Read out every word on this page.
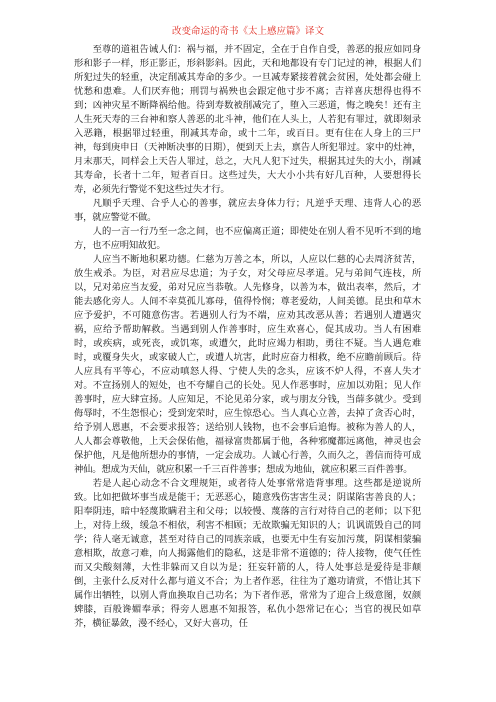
改变命运的奇书《太上感应篇》译文

至尊的道祖告诫人们：祸与福，并不固定，全在于自作自受，善恶的报应如同身形和影子一样，形正影正，形斜影斜。因此，天和地都设有专门记过的神，根据人们所犯过失的轻重，决定削减其寿命的多少。一旦减寿紧接着就会贫困，处处都会碰上忧愁和患难。人们厌弃他；刑罚与祸殃也会跟定他寸步不离；吉祥喜庆想得也得不到；凶神灾星不断降祸给他。待到寿数被削减完了，堕入三恶道，悔之晚矣！还有主人生死天寿的三台神和察人善恶的北斗神，他们在人头上，人若犯有罪过，就即刻录入恶籍，根据罪过轻重，削减其寿命，或十二年，或百日。更有住在人身上的三尸神，每到庚申日（天神断决事的日期），便到天上去，禀告人所犯罪过。家中的灶神，月末那天，同样会上天告人罪过，总之，大凡人犯下过失，根据其过失的大小，削减其寿命，长者十二年，短者百日。这些过失，大大小小共有好几百种，人要想得长寿，必须先行警觉不犯这些过失才行。

凡顺乎天理、合乎人心的善事，就应去身体力行；凡逆乎天理、违背人心的恶事，就应警觉不做。

人的一言一行乃至一念之间，也不应偏离正道；即使处在别人看不见听不到的地方，也不应明知故犯。

人应当不断地积累功德。仁慈为万善之本，所以，人应以仁慈的心去周济贫苦，放生戒杀。为臣，对君应尽忠道；为子女，对父母应尽孝道。兄与弟间气连枝，所以，兄对弟应当友爱，弟对兄应当恭敬。人先修身，以善为本，做出表率，然后，才能去感化旁人。人间不幸莫孤儿寡母，值得怜悯；尊老爱幼，人间美德。昆虫和草木应予爱护，不可随意伤害。若遇别人行为不端，应劝其改恶从善；若遇别人遭遇灾祸，应给予帮助解救。当遇到别人作善事时，应生欢喜心，促其成功。当人有困难时，或疾病，或死丧，或饥寒，或遭欠，此时应竭力相助，勇往不疑。当人遇危难时，或覆身失火，或家破人亡，或遭人坑害，此时应奋力相救，绝不应瞻前顾后。待人应具有平等心，不应动嗔怒人得、宁使人失的念头，应该不炉人得，不喜人失才对。不宣扬别人的短处，也不夸耀自己的长处。见人作恶事时，应加以劝阻；见人作善事时，应大肆宣扬。人应知足，不论见弟分家，或与朋友分钱，当薛多就少。受到侮辱时，不生怨恨心；受到宠荣时，应生惊恐心。当人真心立善，去掉了贪否心时，给予别人恩惠，不会要求报答；送给别人钱物，也不会事后追悔。被称为善人的人，人人都会尊敬他，上天会保佑他，福禄富贵都属于他，各种邪魔都远离他，神灵也会保护他，凡是他所想办的事情，一定会成功。人诚心行善，久而久之，善信而待可成神仙。想成为天仙，就应积累一千三百件善事；想成为地仙，就应积累三百件善事。

若是人起心动念不合文理规矩，或者待人处事常常造背事理。这些都是逆说所致。比如把做坏事当成是能干；无恶恶心，随意残伤害害生灵；阴谋陷害善良的人；阳奉阴违，暗中轻蔑欺瞒君主和父母；以较慢、蔑落的言行对待自己的老师；以下犯上，对待上级，缓急不相依，利害不相顾；无故欺骗无知识的人；讥讽谎毁自己的同学；待人毫无诚意，甚至对待自己的同族亲戚，也要无中生有妄加污蔑，阴谋相蒙骗意相欺，故意刁难，向人揭露他们的隐私，这是非常不道德的；待人接物，使气任性而又尖酸刻薄，大性非躲而又自以为是；狂妄轩箭的人，待人处事总是爱待是非颠倒，主张什么反对什么都与道义不合；为上者作恶，往往为了邀功请赏，不惜让其下属作出牺牲，以别人背血换取自己功名；为下者作恶，常常为了迎合上级意图，奴颜婢膝，百般谗媚奉承；得旁人恩惠不知报答，私仇小怨常记在心；当官的视民如草芥，横征暴敛，漫不经心，又好大喜功，任
